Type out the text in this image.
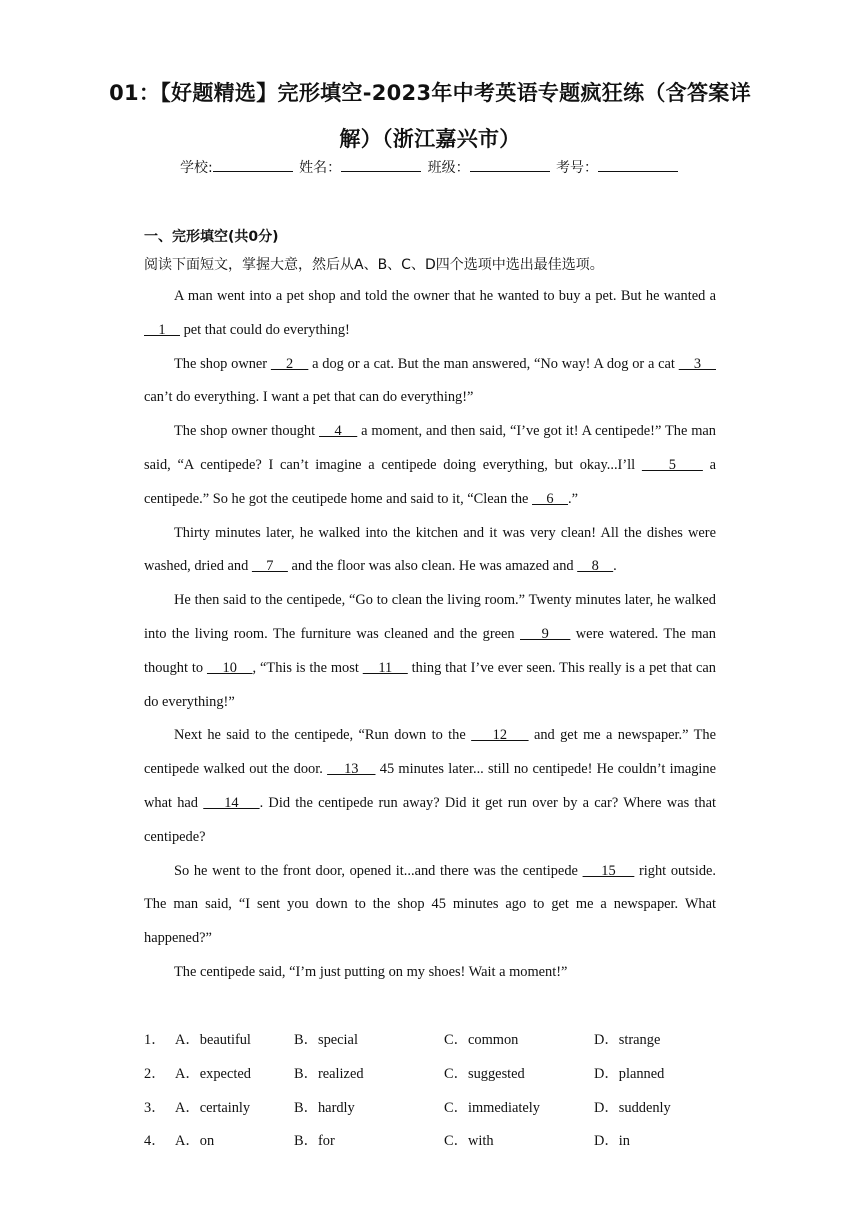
01：【好题精选】完形填空-2023年中考英语专题疯狂练（含答案详解）（浙江嘉兴市）
学校:	姓名：	班级：	考号：
一、完形填空(共0分)
阅读下面短文，掌握大意，然后从A、B、C、D四个选项中选出最佳选项。

A man went into a pet shop and told the owner that he wanted to buy a pet. But he wanted a     1     pet that could do everything!

The shop owner     2     a dog or a cat. But the man answered, “No way! A dog or a cat     3     can’t do everything. I want a pet that can do everything!”

The shop owner thought     4     a moment, and then said, “I’ve got it! A centipede!” The man said, “A centipede? I can’t imagine a centipede doing everything, but okay...I’ll     5     a centipede.” So he got the ceutipede home and said to it, “Clean the     6    .”

Thirty minutes later, he walked into the kitchen and it was very clean! All the dishes were washed, dried and     7     and the floor was also clean. He was amazed and     8    .

He then said to the centipede, “Go to clean the living room.” Twenty minutes later, he walked into the living room. The furniture was cleaned and the green     9     were watered. The man thought to     10    , “This is the most     11     thing that I’ve ever seen. This really is a pet that can do everything!”

Next he said to the centipede, “Run down to the     12     and get me a newspaper.” The centipede walked out the door.     13     45 minutes later... still no centipede! He couldn’t imagine what had     14    . Did the centipede run away? Did it get run over by a car? Where was that centipede?

So he went to the front door, opened it...and there was the centipede     15     right outside. The man said, “I sent you down to the shop 45 minutes ago to get me a newspaper. What happened?”

The centipede said, “I’m just putting on my shoes! Wait a moment!”

1． A．beautiful	B．special	C．common	D．strange
2． A．expected	B．realized	C．suggested	D．planned
3． A．certainly	B．hardly	C．immediately	D．suddenly
4． A．on	B．for	C．with	D．in
